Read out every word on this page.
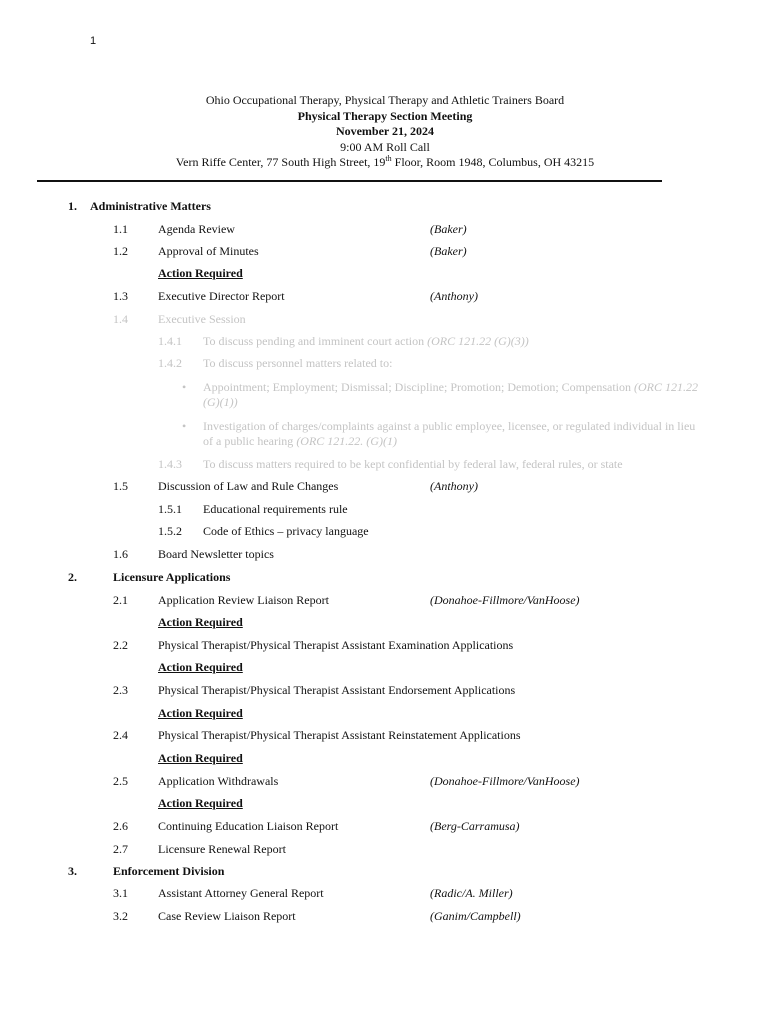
1
Ohio Occupational Therapy, Physical Therapy and Athletic Trainers Board
Physical Therapy Section Meeting
November 21, 2024
9:00 AM Roll Call
Vern Riffe Center, 77 South High Street, 19th Floor, Room 1948, Columbus, OH 43215
1. Administrative Matters
1.1	Agenda Review	(Baker)
1.2	Approval of Minutes	(Baker)
Action Required
1.3	Executive Director Report	(Anthony)
1.4	Executive Session
1.4.1 To discuss pending and imminent court action (ORC 121.22 (G)(3))
1.4.2 To discuss personnel matters related to:
• Appointment; Employment; Dismissal; Discipline; Promotion; Demotion; Compensation (ORC 121.22 (G)(1))
• Investigation of charges/complaints against a public employee, licensee, or regulated individual in lieu of a public hearing (ORC 121.22. (G)(1)
1.4.3 To discuss matters required to be kept confidential by federal law, federal rules, or state
1.5	Discussion of Law and Rule Changes	(Anthony)
1.5.1 Educational requirements rule
1.5.2 Code of Ethics – privacy language
1.6	Board Newsletter topics
2.	Licensure Applications
2.1	Application Review Liaison Report	(Donahoe-Fillmore/VanHoose)
Action Required
2.2	Physical Therapist/Physical Therapist Assistant Examination Applications
Action Required
2.3	Physical Therapist/Physical Therapist Assistant Endorsement Applications
Action Required
2.4	Physical Therapist/Physical Therapist Assistant Reinstatement Applications
Action Required
2.5	Application Withdrawals	(Donahoe-Fillmore/VanHoose)
Action Required
2.6	Continuing Education Liaison Report	(Berg-Carramusa)
2.7	Licensure Renewal Report
3.	Enforcement Division
3.1	Assistant Attorney General Report	(Radic/A. Miller)
3.2	Case Review Liaison Report	(Ganim/Campbell)
